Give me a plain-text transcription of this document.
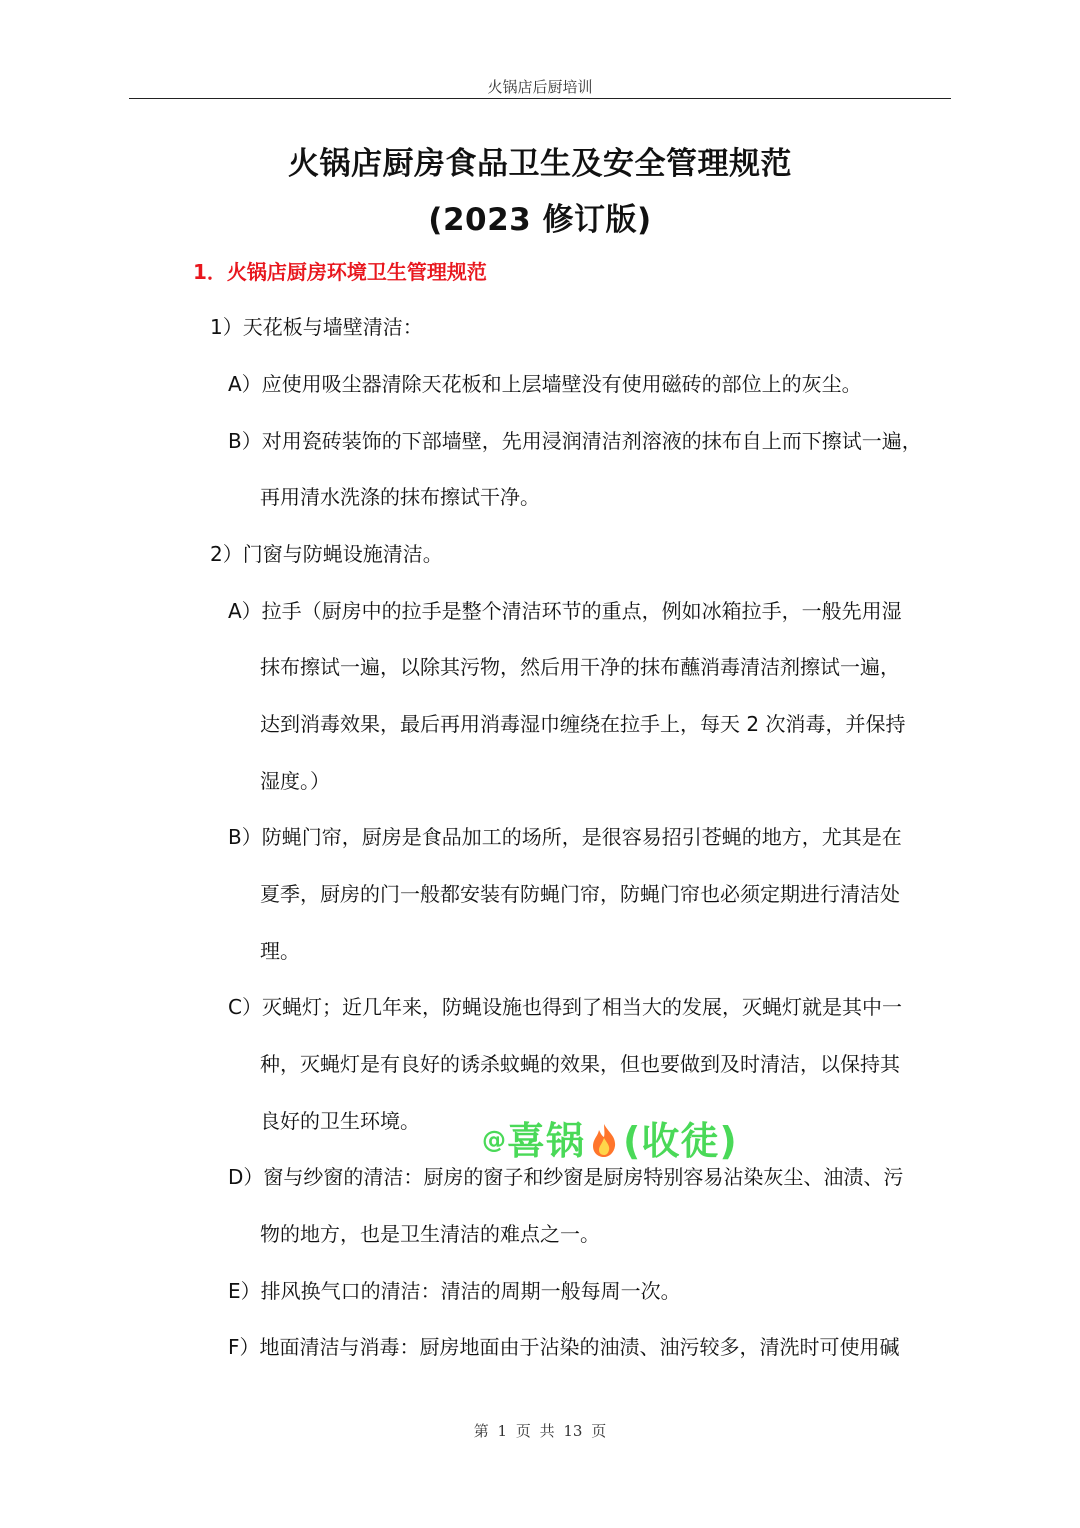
火锅店后厨培训
火锅店厨房食品卫生及安全管理规范
(2023 修订版)
1．火锅店厨房环境卫生管理规范
1）天花板与墙壁清洁：
A）应使用吸尘器清除天花板和上层墙壁没有使用磁砖的部位上的灰尘。
B）对用瓷砖装饰的下部墙壁，先用浸润清洁剂溶液的抹布自上而下擦试一遍，
再用清水洗涤的抹布擦试干净。
2）门窗与防蝇设施清洁。
A）拉手（厨房中的拉手是整个清洁环节的重点，例如冰箱拉手，一般先用湿
抹布擦试一遍，以除其污物，然后用干净的抹布蘸消毒清洁剂擦试一遍，
达到消毒效果，最后再用消毒湿巾缠绕在拉手上，每天 2 次消毒，并保持
湿度。）
B）防蝇门帘，厨房是食品加工的场所，是很容易招引苍蝇的地方，尤其是在
夏季，厨房的门一般都安装有防蝇门帘，防蝇门帘也必须定期进行清洁处
理。
C）灭蝇灯；近几年来，防蝇设施也得到了相当大的发展，灭蝇灯就是其中一
种，灭蝇灯是有良好的诱杀蚊蝇的效果，但也要做到及时清洁，以保持其
良好的卫生环境。
D）窗与纱窗的清洁：厨房的窗子和纱窗是厨房特别容易沾染灰尘、油渍、污
物的地方，也是卫生清洁的难点之一。
E）排风换气口的清洁：清洁的周期一般每周一次。
F）地面清洁与消毒：厨房地面由于沾染的油渍、油污较多，清洗时可使用碱
@喜锅 (收徒)
第 1 页 共 13 页
